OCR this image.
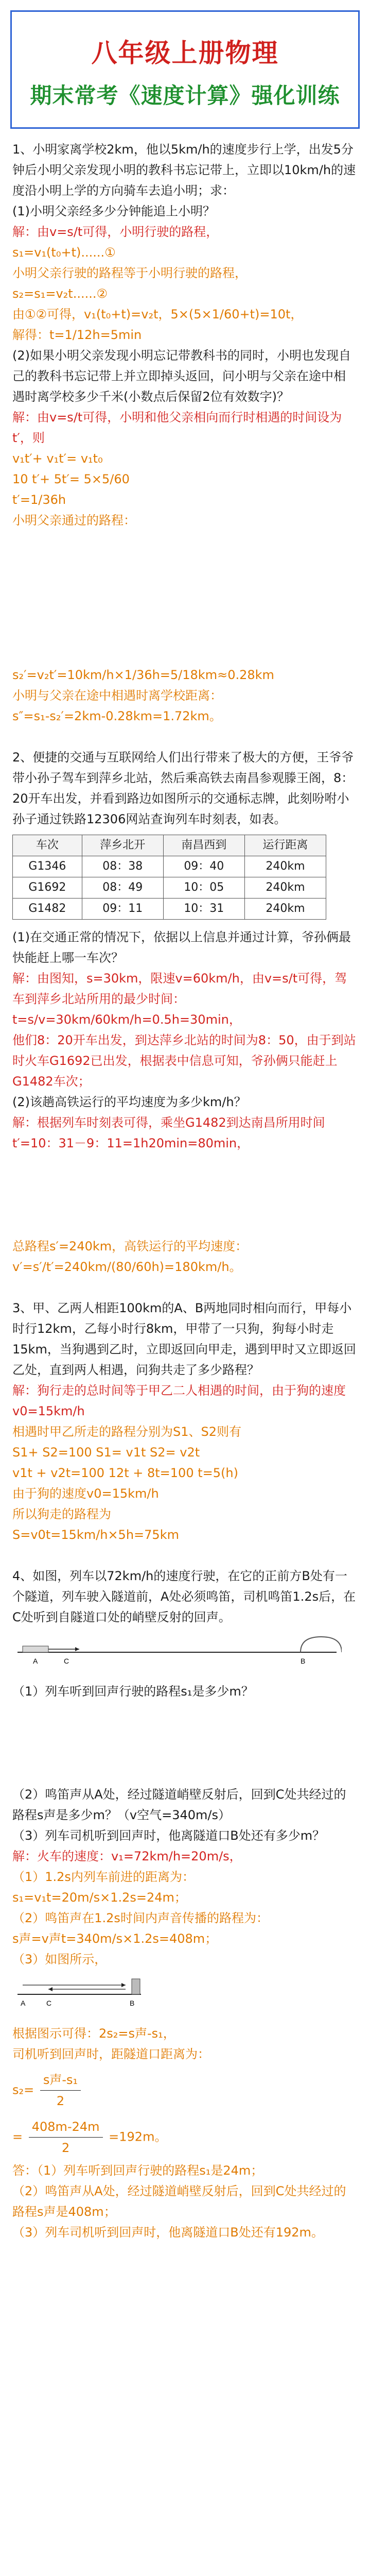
八年级上册物理
期末常考《速度计算》强化训练
1、小明家离学校2km，他以5km/h的速度步行上学，出发5分钟后小明父亲发现小明的教科书忘记带上，立即以10km/h的速度沿小明上学的方向骑车去追小明；求：
(1)小明父亲经多少分钟能追上小明？
解：由v=s/t可得，小明行驶的路程，
s₁=v₁(t₀+t)......①
小明父亲行驶的路程等于小明行驶的路程，
s₂=s₁=v₂t......②
由①②可得，v₁(t₀+t)=v₂t，5×(5×1/60+t)=10t，
解得：t=1/12h=5min
(2)如果小明父亲发现小明忘记带教科书的同时，小明也发现自己的教科书忘记带上并立即掉头返回，问小明与父亲在途中相遇时离学校多少千米(小数点后保留2位有效数字)？
解：由v=s/t可得，小明和他父亲相向而行时相遇的时间设为t′，则
v₁t′+ v₁t′= v₁t₀
10 t′+ 5t′= 5×5/60
t′=1/36h
小明父亲通过的路程：
s₂′=v₂t′=10km/h×1/36h=5/18km≈0.28km
小明与父亲在途中相遇时离学校距离：
s″=s₁-s₂′=2km-0.28km=1.72km。
2、便捷的交通与互联网给人们出行带来了极大的方便，王爷爷带小孙子驾车到萍乡北站，然后乘高铁去南昌参观滕王阁，8：20开车出发，并看到路边如图所示的交通标志牌，此刻吩咐小孙子通过铁路12306网站查询列车时刻表，如表。
车次	萍乡北开	南昌西到	运行距离
G1346	08：38	09：40	240km
G1692	08：49	10：05	240km
G1482	09：11	10：31	240km
(1)在交通正常的情况下，依据以上信息并通过计算，爷孙俩最快能赶上哪一车次？
解：由图知，s=30km，限速v=60km/h，由v=s/t可得，驾车到萍乡北站所用的最少时间：
t=s/v=30km/60km/h=0.5h=30min，
他们8：20开车出发，到达萍乡北站的时间为8：50，由于到站时火车G1692已出发，根据表中信息可知，爷孙俩只能赶上G1482车次；
(2)该趟高铁运行的平均速度为多少km/h？
解：根据列车时刻表可得，乘坐G1482到达南昌所用时间
t′=10：31－9：11=1h20min=80min，
总路程s′=240km，高铁运行的平均速度：
v′=s′/t′=240km/(80/60h)=180km/h。
3、甲、乙两人相距100km的A、B两地同时相向而行，甲每小时行12km，乙每小时行8km，甲带了一只狗，狗每小时走15km，当狗遇到乙时，立即返回向甲走，遇到甲时又立即返回乙处，直到两人相遇，问狗共走了多少路程？
解：狗行走的总时间等于甲乙二人相遇的时间，由于狗的速度v0=15km/h
相遇时甲乙所走的路程分别为S1、S2则有
S1+ S2=100 S1= v1t S2= v2t
v1t + v2t=100 12t + 8t=100 t=5(h)
由于狗的速度v0=15km/h
所以狗走的路程为
S=v0t=15km/h×5h=75km
4、如图，列车以72km/h的速度行驶，在它的正前方B处有一个隧道，列车驶入隧道前，A处必须鸣笛，司机鸣笛1.2s后，在C处听到自隧道口处的峭壁反射的回声。
A	C	B
（1）列车听到回声行驶的路程s₁是多少m？
（2）鸣笛声从A处，经过隧道峭壁反射后，回到C处共经过的路程s声是多少m？（v空气=340m/s）
（3）列车司机听到回声时，他离隧道口B处还有多少m？
解：火车的速度：v₁=72km/h=20m/s，
（1）1.2s内列车前进的距离为：
s₁=v₁t=20m/s×1.2s=24m；
（2）鸣笛声在1.2s时间内声音传播的路程为：
s声=v声t=340m/s×1.2s=408m；
（3）如图所示，
A	C	B
根据图示可得：2s₂=s声-s₁，
司机听到回声时，距隧道口距离为：
$s_2= \frac{\text{s声-s₁}}{2}$
= $\frac{408m-24m}{2} =192m$。
答：（1）列车听到回声行驶的路程s₁是24m；
（2）鸣笛声从A处，经过隧道峭壁反射后，回到C处共经过的路程s声是408m；
（3）列车司机听到回声时，他离隧道口B处还有192m。
